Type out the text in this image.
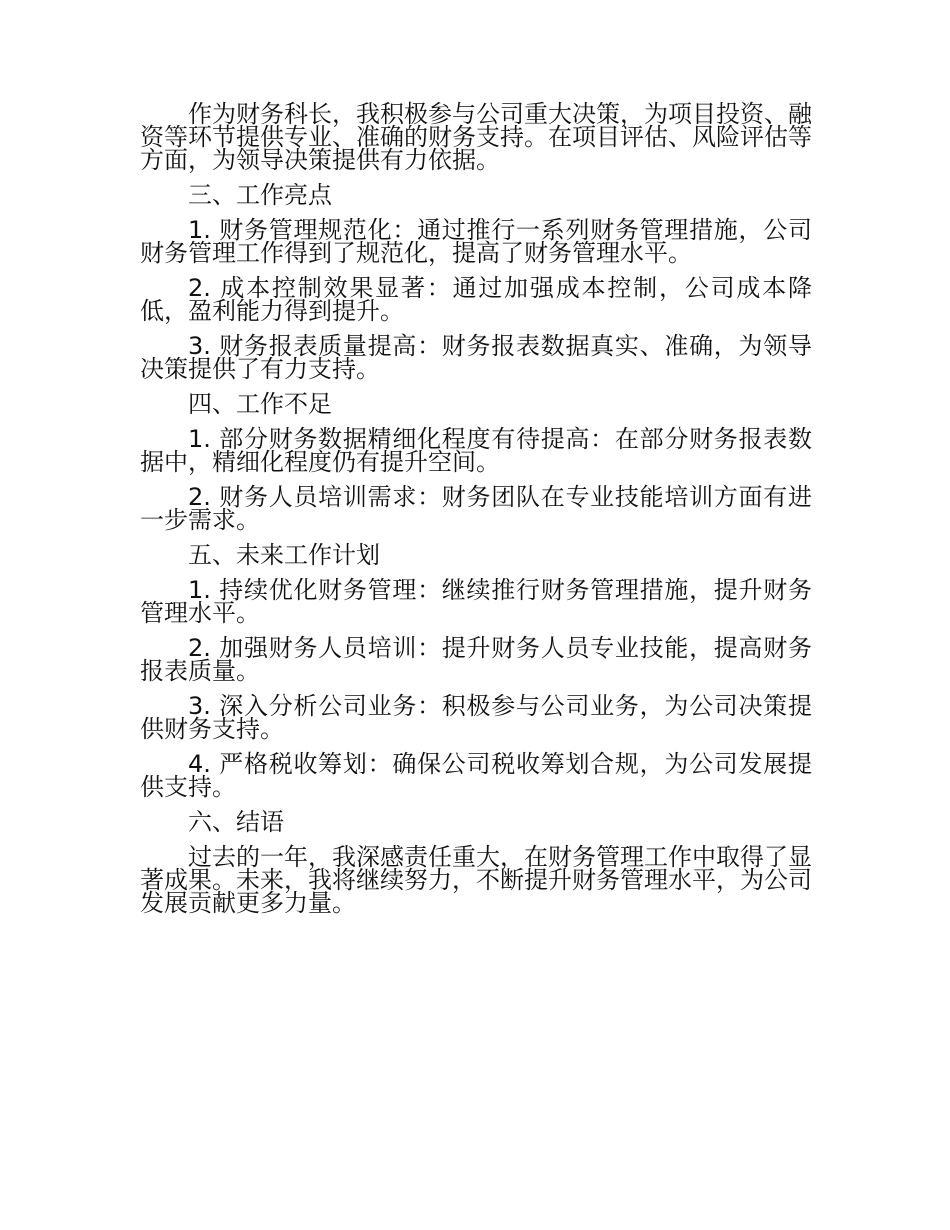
作为财务科长，我积极参与公司重大决策，为项目投资、融资等环节提供专业、准确的财务支持。在项目评估、风险评估等方面，为领导决策提供有力依据。

三、工作亮点

1. 财务管理规范化：通过推行一系列财务管理措施，公司财务管理工作得到了规范化，提高了财务管理水平。

2. 成本控制效果显著：通过加强成本控制，公司成本降低，盈利能力得到提升。

3. 财务报表质量提高：财务报表数据真实、准确，为领导决策提供了有力支持。

四、工作不足

1. 部分财务数据精细化程度有待提高：在部分财务报表数据中，精细化程度仍有提升空间。

2. 财务人员培训需求：财务团队在专业技能培训方面有进一步需求。

五、未来工作计划

1. 持续优化财务管理：继续推行财务管理措施，提升财务管理水平。

2. 加强财务人员培训：提升财务人员专业技能，提高财务报表质量。

3. 深入分析公司业务：积极参与公司业务，为公司决策提供财务支持。

4. 严格税收筹划：确保公司税收筹划合规，为公司发展提供支持。

六、结语

过去的一年，我深感责任重大，在财务管理工作中取得了显著成果。未来，我将继续努力，不断提升财务管理水平，为公司发展贡献更多力量。
